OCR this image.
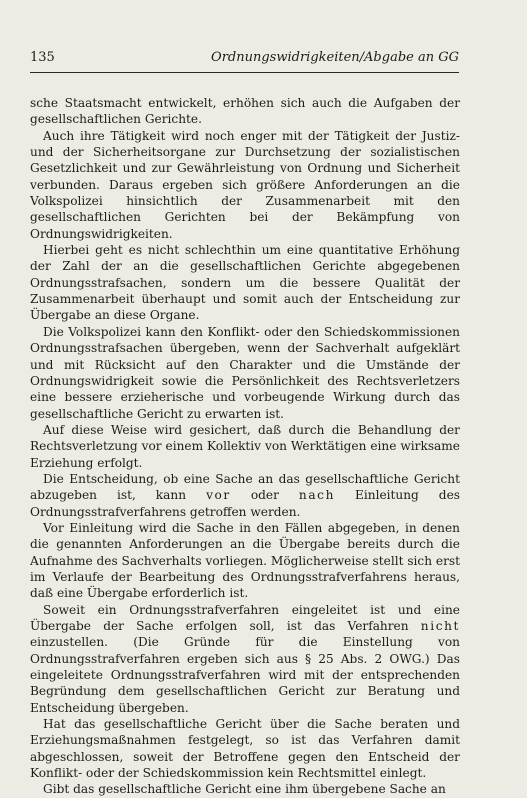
135	Ordnungswidrigkeiten/Abgabe an GG

sche Staatsmacht entwickelt, erhöhen sich auch die Aufgaben der gesellschaftlichen Gerichte.

Auch ihre Tätigkeit wird noch enger mit der Tätigkeit der Justiz- und der Sicherheitsorgane zur Durchsetzung der sozialistischen Gesetzlichkeit und zur Gewährleistung von Ordnung und Sicherheit verbunden. Daraus ergeben sich größere Anforderungen an die Volkspolizei hinsichtlich der Zusammenarbeit mit den gesellschaftlichen Gerichten bei der Bekämpfung von Ordnungswidrigkeiten.

Hierbei geht es nicht schlechthin um eine quantitative Erhöhung der Zahl der an die gesellschaftlichen Gerichte abgegebenen Ordnungsstrafsachen, sondern um die bessere Qualität der Zusammenarbeit überhaupt und somit auch der Entscheidung zur Übergabe an diese Organe.

Die Volkspolizei kann den Konflikt- oder den Schiedskommissionen Ordnungsstrafsachen übergeben, wenn der Sachverhalt aufgeklärt und mit Rücksicht auf den Charakter und die Umstände der Ordnungswidrigkeit sowie die Persönlichkeit des Rechtsverletzers eine bessere erzieherische und vorbeugende Wirkung durch das gesellschaftliche Gericht zu erwarten ist.

Auf diese Weise wird gesichert, daß durch die Behandlung der Rechtsverletzung vor einem Kollektiv von Werktätigen eine wirksame Erziehung erfolgt.

Die Entscheidung, ob eine Sache an das gesellschaftliche Gericht abzugeben ist, kann vor oder nach Einleitung des Ordnungsstrafverfahrens getroffen werden.

Vor Einleitung wird die Sache in den Fällen abgegeben, in denen die genannten Anforderungen an die Übergabe bereits durch die Aufnahme des Sachverhalts vorliegen. Möglicherweise stellt sich erst im Verlaufe der Bearbeitung des Ordnungsstrafverfahrens heraus, daß eine Übergabe erforderlich ist.

Soweit ein Ordnungsstrafverfahren eingeleitet ist und eine Übergabe der Sache erfolgen soll, ist das Verfahren nicht einzustellen. (Die Gründe für die Einstellung von Ordnungsstrafverfahren ergeben sich aus § 25 Abs. 2 OWG.) Das eingeleitete Ordnungsstrafverfahren wird mit der entsprechenden Begründung dem gesellschaftlichen Gericht zur Beratung und Entscheidung übergeben.

Hat das gesellschaftliche Gericht über die Sache beraten und Erziehungsmaßnahmen festgelegt, so ist das Verfahren damit abgeschlossen, soweit der Betroffene gegen den Entscheid der Konflikt- oder der Schiedskommission kein Rechtsmittel einlegt.

Gibt das gesellschaftliche Gericht eine ihm übergebene Sache an
